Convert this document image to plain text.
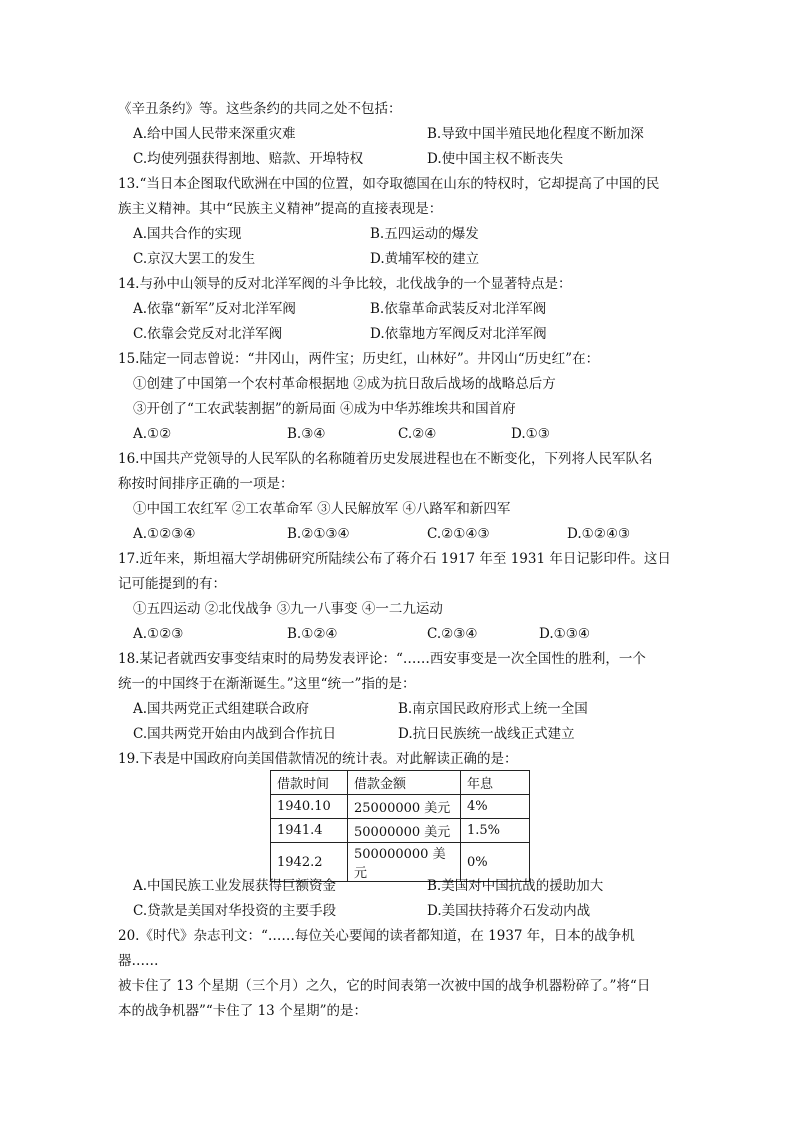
《辛丑条约》等。这些条约的共同之处不包括：
A.给中国人民带来深重灾难	B.导致中国半殖民地化程度不断加深
C.均使列强获得割地、赔款、开埠特权	D.使中国主权不断丧失
13.“当日本企图取代欧洲在中国的位置，如夺取德国在山东的特权时，它却提高了中国的民
族主义精神。其中“民族主义精神”提高的直接表现是：
A.国共合作的实现	B.五四运动的爆发
C.京汉大罢工的发生	D.黄埔军校的建立
14.与孙中山领导的反对北洋军阀的斗争比较，北伐战争的一个显著特点是：
A.依靠“新军”反对北洋军阀	B.依靠革命武装反对北洋军阀
C.依靠会党反对北洋军阀	D.依靠地方军阀反对北洋军阀
15.陆定一同志曾说：“井冈山，两件宝；历史红，山林好”。井冈山“历史红”在：
①创建了中国第一个农村革命根据地 ②成为抗日敌后战场的战略总后方
③开创了“工农武装割据”的新局面 ④成为中华苏维埃共和国首府
A.①②	B.③④	C.②④	D.①③
16.中国共产党领导的人民军队的名称随着历史发展进程也在不断变化，下列将人民军队名
称按时间排序正确的一项是：
①中国工农红军 ②工农革命军 ③人民解放军 ④八路军和新四军
A.①②③④	B.②①③④	C.②①④③	D.①②④③
17.近年来，斯坦福大学胡佛研究所陆续公布了蒋介石 1917 年至 1931 年日记影印件。这日
记可能提到的有：
①五四运动 ②北伐战争 ③九一八事变 ④一二九运动
A.①②③	B.①②④	C.②③④	D.①③④
18.某记者就西安事变结束时的局势发表评论：“……西安事变是一次全国性的胜利，一个
统一的中国终于在渐渐诞生。”这里“统一”指的是：
A.国共两党正式组建联合政府	B.南京国民政府形式上统一全国
C.国共两党开始由内战到合作抗日	D.抗日民族统一战线正式建立
19.下表是中国政府向美国借款情况的统计表。对此解读正确的是：
借款时间	借款金额	年息
1940.10	25000000 美元	4%
1941.4	50000000 美元	1.5%
1942.2	500000000 美元	0%
A.中国民族工业发展获得巨额资金	B.美国对中国抗战的援助加大
C.贷款是美国对华投资的主要手段	D.美国扶持蒋介石发动内战
20.《时代》杂志刊文：“……每位关心要闻的读者都知道，在 1937 年，日本的战争机
器……
被卡住了 13 个星期（三个月）之久，它的时间表第一次被中国的战争机器粉碎了。”将“日
本的战争机器”“卡住了 13 个星期”的是：
